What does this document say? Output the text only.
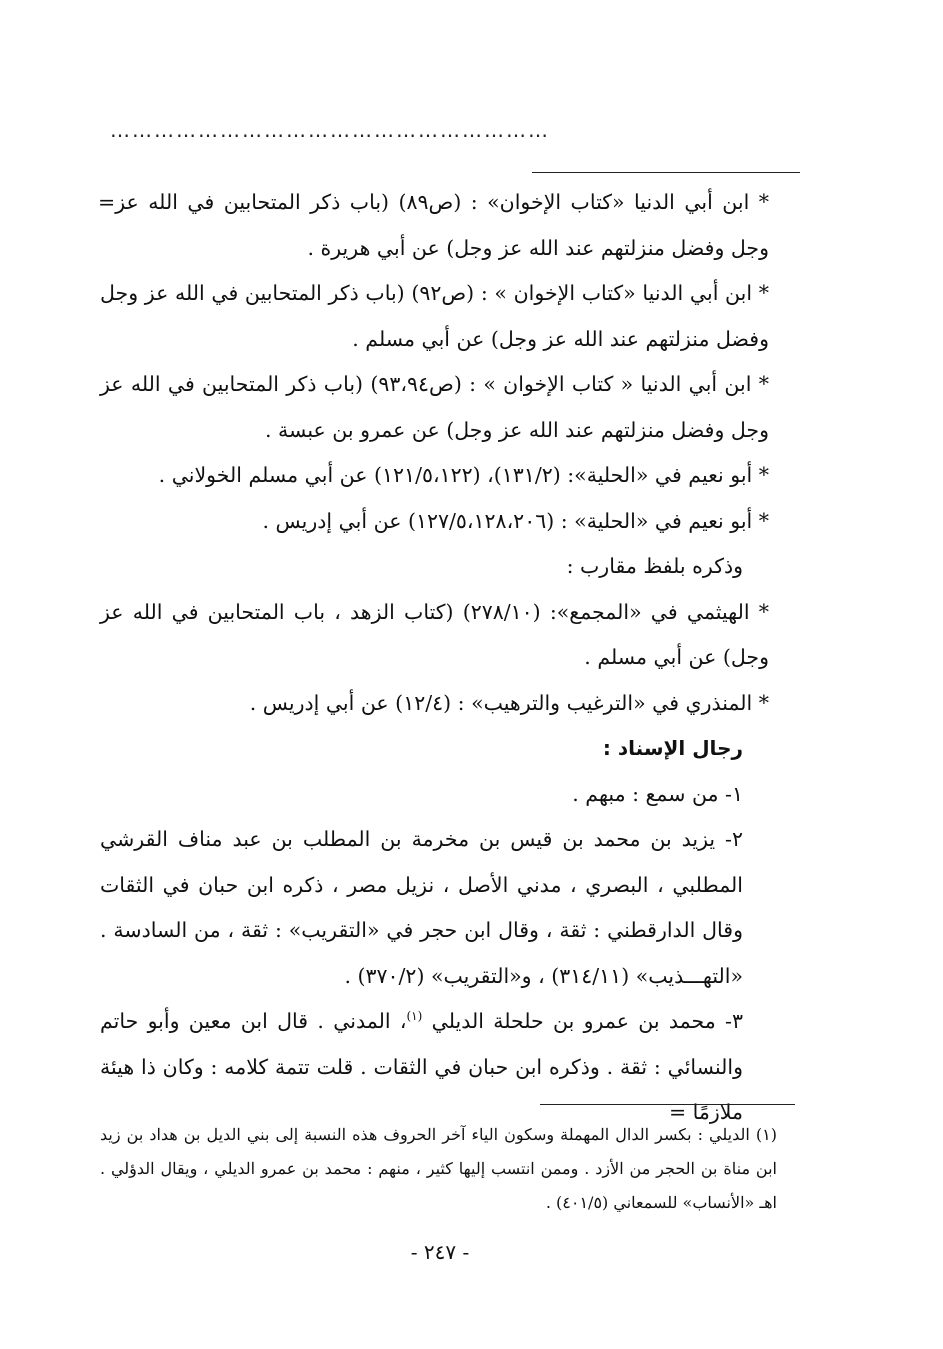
……………………………………………………

= * ابن أبي الدنيا «كتاب الإخوان» : (ص٨٩) (باب ذكر المتحابين في الله عز وجل وفضل منزلتهم عند الله عز وجل) عن أبي هريرة .

* ابن أبي الدنيا «كتاب الإخوان » : (ص٩٢) (باب ذكر المتحابين في الله عز وجل وفضل منزلتهم عند الله عز وجل) عن أبي مسلم .

* ابن أبي الدنيا « كتاب الإخوان » : (ص٩٣،٩٤) (باب ذكر المتحابين في الله عز وجل وفضل منزلتهم عند الله عز وجل) عن عمرو بن عبسة .

* أبو نعيم في «الحلية»: (١٣١/٢)، (١٢١/٥،١٢٢) عن أبي مسلم الخولاني .

* أبو نعيم في «الحلية» : (١٢٧/٥،١٢٨،٢٠٦) عن أبي إدريس .

وذكره بلفظ مقارب :

* الهيثمي في «المجمع»: (٢٧٨/١٠) (كتاب الزهد ، باب المتحابين في الله عز وجل) عن أبي مسلم .

* المنذري في «الترغيب والترهيب» : (١٢/٤) عن أبي إدريس .

رجال الإسناد :

١- من سمع : مبهم .

٢- يزيد بن محمد بن قيس بن مخرمة بن المطلب بن عبد مناف القرشي المطلبي ، البصري ، مدني الأصل ، نزيل مصر ، ذكره ابن حبان في الثقات وقال الدارقطني : ثقة ، وقال ابن حجر في «التقريب» : ثقة ، من السادسة . «التهـــذيب» (٣١٤/١١) ، و«التقريب» (٣٧٠/٢) .

٣- محمد بن عمرو بن حلحلة الديلي $^{(١)}$، المدني . قال ابن معين وأبو حاتم والنسائي : ثقة . وذكره ابن حبان في الثقات . قلت تتمة كلامه : وكان ذا هيئة ملازمًا =

(١) الديلي : بكسر الدال المهملة وسكون الياء آخر الحروف هذه النسبة إلى بني الديل بن هداد بن زيد ابن مناة بن الحجر من الأزد . وممن انتسب إليها كثير ، منهم : محمد بن عمرو الديلي ، ويقال الدؤلي . اهـ «الأنساب» للسمعاني (٤٠١/٥) .

- ٢٤٧ -
